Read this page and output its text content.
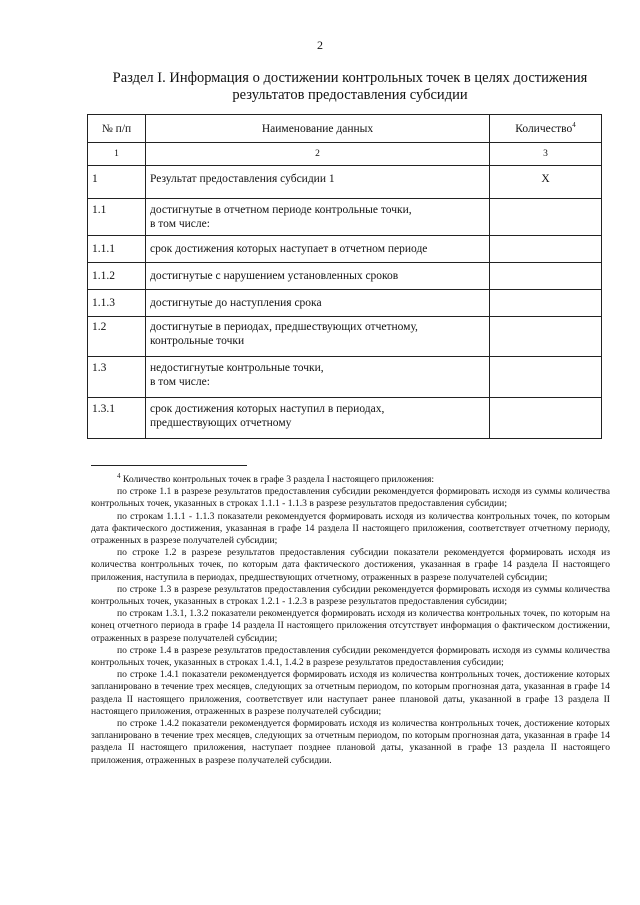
2
Раздел I. Информация о достижении контрольных точек в целях достижения
результатов предоставления субсидии
№ п/п	Наименование данных	Количество$^4$
1	2	3
1	Результат предоставления субсидии 1	X
1.1	достигнутые в отчетном периоде контрольные точки,
в том числе:	

1.1.1	срок достижения которых наступает в отчетном периоде	

1.1.2	достигнутые с нарушением установленных сроков	

1.1.3	достигнутые до наступления срока	

1.2	достигнутые в периодах, предшествующих отчетному,
контрольные точки	

1.3	недостигнутые контрольные точки,
в том числе:	

1.3.1	срок достижения которых наступил в периодах,
предшествующих отчетному	

$^4$ Количество контрольных точек в графе 3 раздела I настоящего приложения:

по строке 1.1 в разрезе результатов предоставления субсидии рекомендуется формировать исходя из суммы количества контрольных точек, указанных в строках 1.1.1 - 1.1.3 в разрезе результатов предоставления субсидии;

по строкам 1.1.1 - 1.1.3 показатели рекомендуется формировать исходя из количества контрольных точек, по которым дата фактического достижения, указанная в графе 14 раздела II настоящего приложения, соответствует отчетному периоду, отраженных в разрезе получателей субсидии;

по строке 1.2 в разрезе результатов предоставления субсидии показатели рекомендуется формировать исходя из количества контрольных точек, по которым дата фактического достижения, указанная в графе 14 раздела II настоящего приложения, наступила в периодах, предшествующих отчетному, отраженных в разрезе получателей субсидии;

по строке 1.3 в разрезе результатов предоставления субсидии рекомендуется формировать исходя из суммы количества контрольных точек, указанных в строках 1.2.1 - 1.2.3 в разрезе результатов предоставления субсидии;

по строкам 1.3.1, 1.3.2 показатели рекомендуется формировать исходя из количества контрольных точек, по которым на конец отчетного периода в графе 14 раздела II настоящего приложения отсутствует информация о фактическом достижении, отраженных в разрезе получателей субсидии;

по строке 1.4 в разрезе результатов предоставления субсидии рекомендуется формировать исходя из суммы количества контрольных точек, указанных в строках 1.4.1, 1.4.2 в разрезе результатов предоставления субсидии;

по строке 1.4.1 показатели рекомендуется формировать исходя из количества контрольных точек, достижение которых запланировано в течение трех месяцев, следующих за отчетным периодом, по которым прогнозная дата, указанная в графе 14 раздела II настоящего приложения, соответствует или наступает ранее плановой даты, указанной в графе 13 раздела II настоящего приложения, отраженных в разрезе получателей субсидии;

по строке 1.4.2 показатели рекомендуется формировать исходя из количества контрольных точек, достижение которых запланировано в течение трех месяцев, следующих за отчетным периодом, по которым прогнозная дата, указанная в графе 14 раздела II настоящего приложения, наступает позднее плановой даты, указанной в графе 13 раздела II настоящего приложения, отраженных в разрезе получателей субсидии.
